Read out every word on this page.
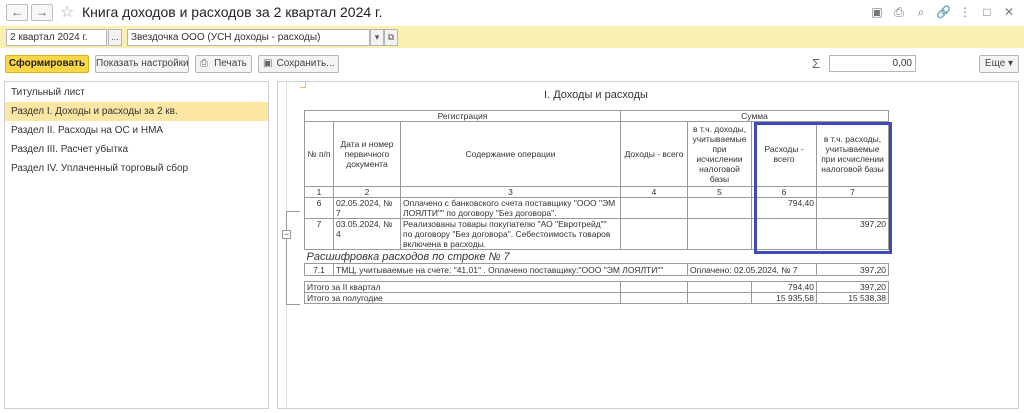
←	→ ☆ Книга доходов и расходов за 2 квартал 2024 г.	▣ ⎙	⌕ 🔗 ⋮ □ ✕
2 квартал 2024 г.	...	Звездочка ООО (УСН доходы - расходы)	▾ ⧉
Сформировать	Показать настройки ⎙ Печать	▣ Сохранить...	Еще ▾
Σ	0,00
Титульный лист
Раздел I. Доходы и расходы за 2 кв.
Раздел II. Расходы на ОС и НМА
Раздел III. Расчет убытка
Раздел IV. Уплаченный торговый сбор
−
I. Доходы и расходы
Регистрация			Сумма			
№ п/п	Дата и номер первичного документа	Содержание операции	Доходы - всего	в т.ч. доходы, учитываемые при исчислении налоговой базы	Расходы - всего	в т.ч. расходы, учитываемые при исчислении налоговой базы
1	2	3	4	5	6	7
6	02.05.2024, № 7	Оплачено с банковского счета поставщику "ООО "ЭМ ЛОЯЛТИ"" по договору "Без договора".			794,40	
7	03.05.2024, № 4	Реализованы товары покупателю "АО "Евротрейд"" по договору "Без договора". Себестоимость товаров включена в расходы.				397,20
Расшифровка расходов по строке № 7						
7.1	ТМЦ, учитываемые на счете: "41.01" . Оплачено поставщику:"ООО "ЭМ ЛОЯЛТИ""			Оплачено: 02.05.2024, № 7		397,20

Итого за II квартал					794,40	397,20
Итого за полугодие					15 935,58	15 538,38
